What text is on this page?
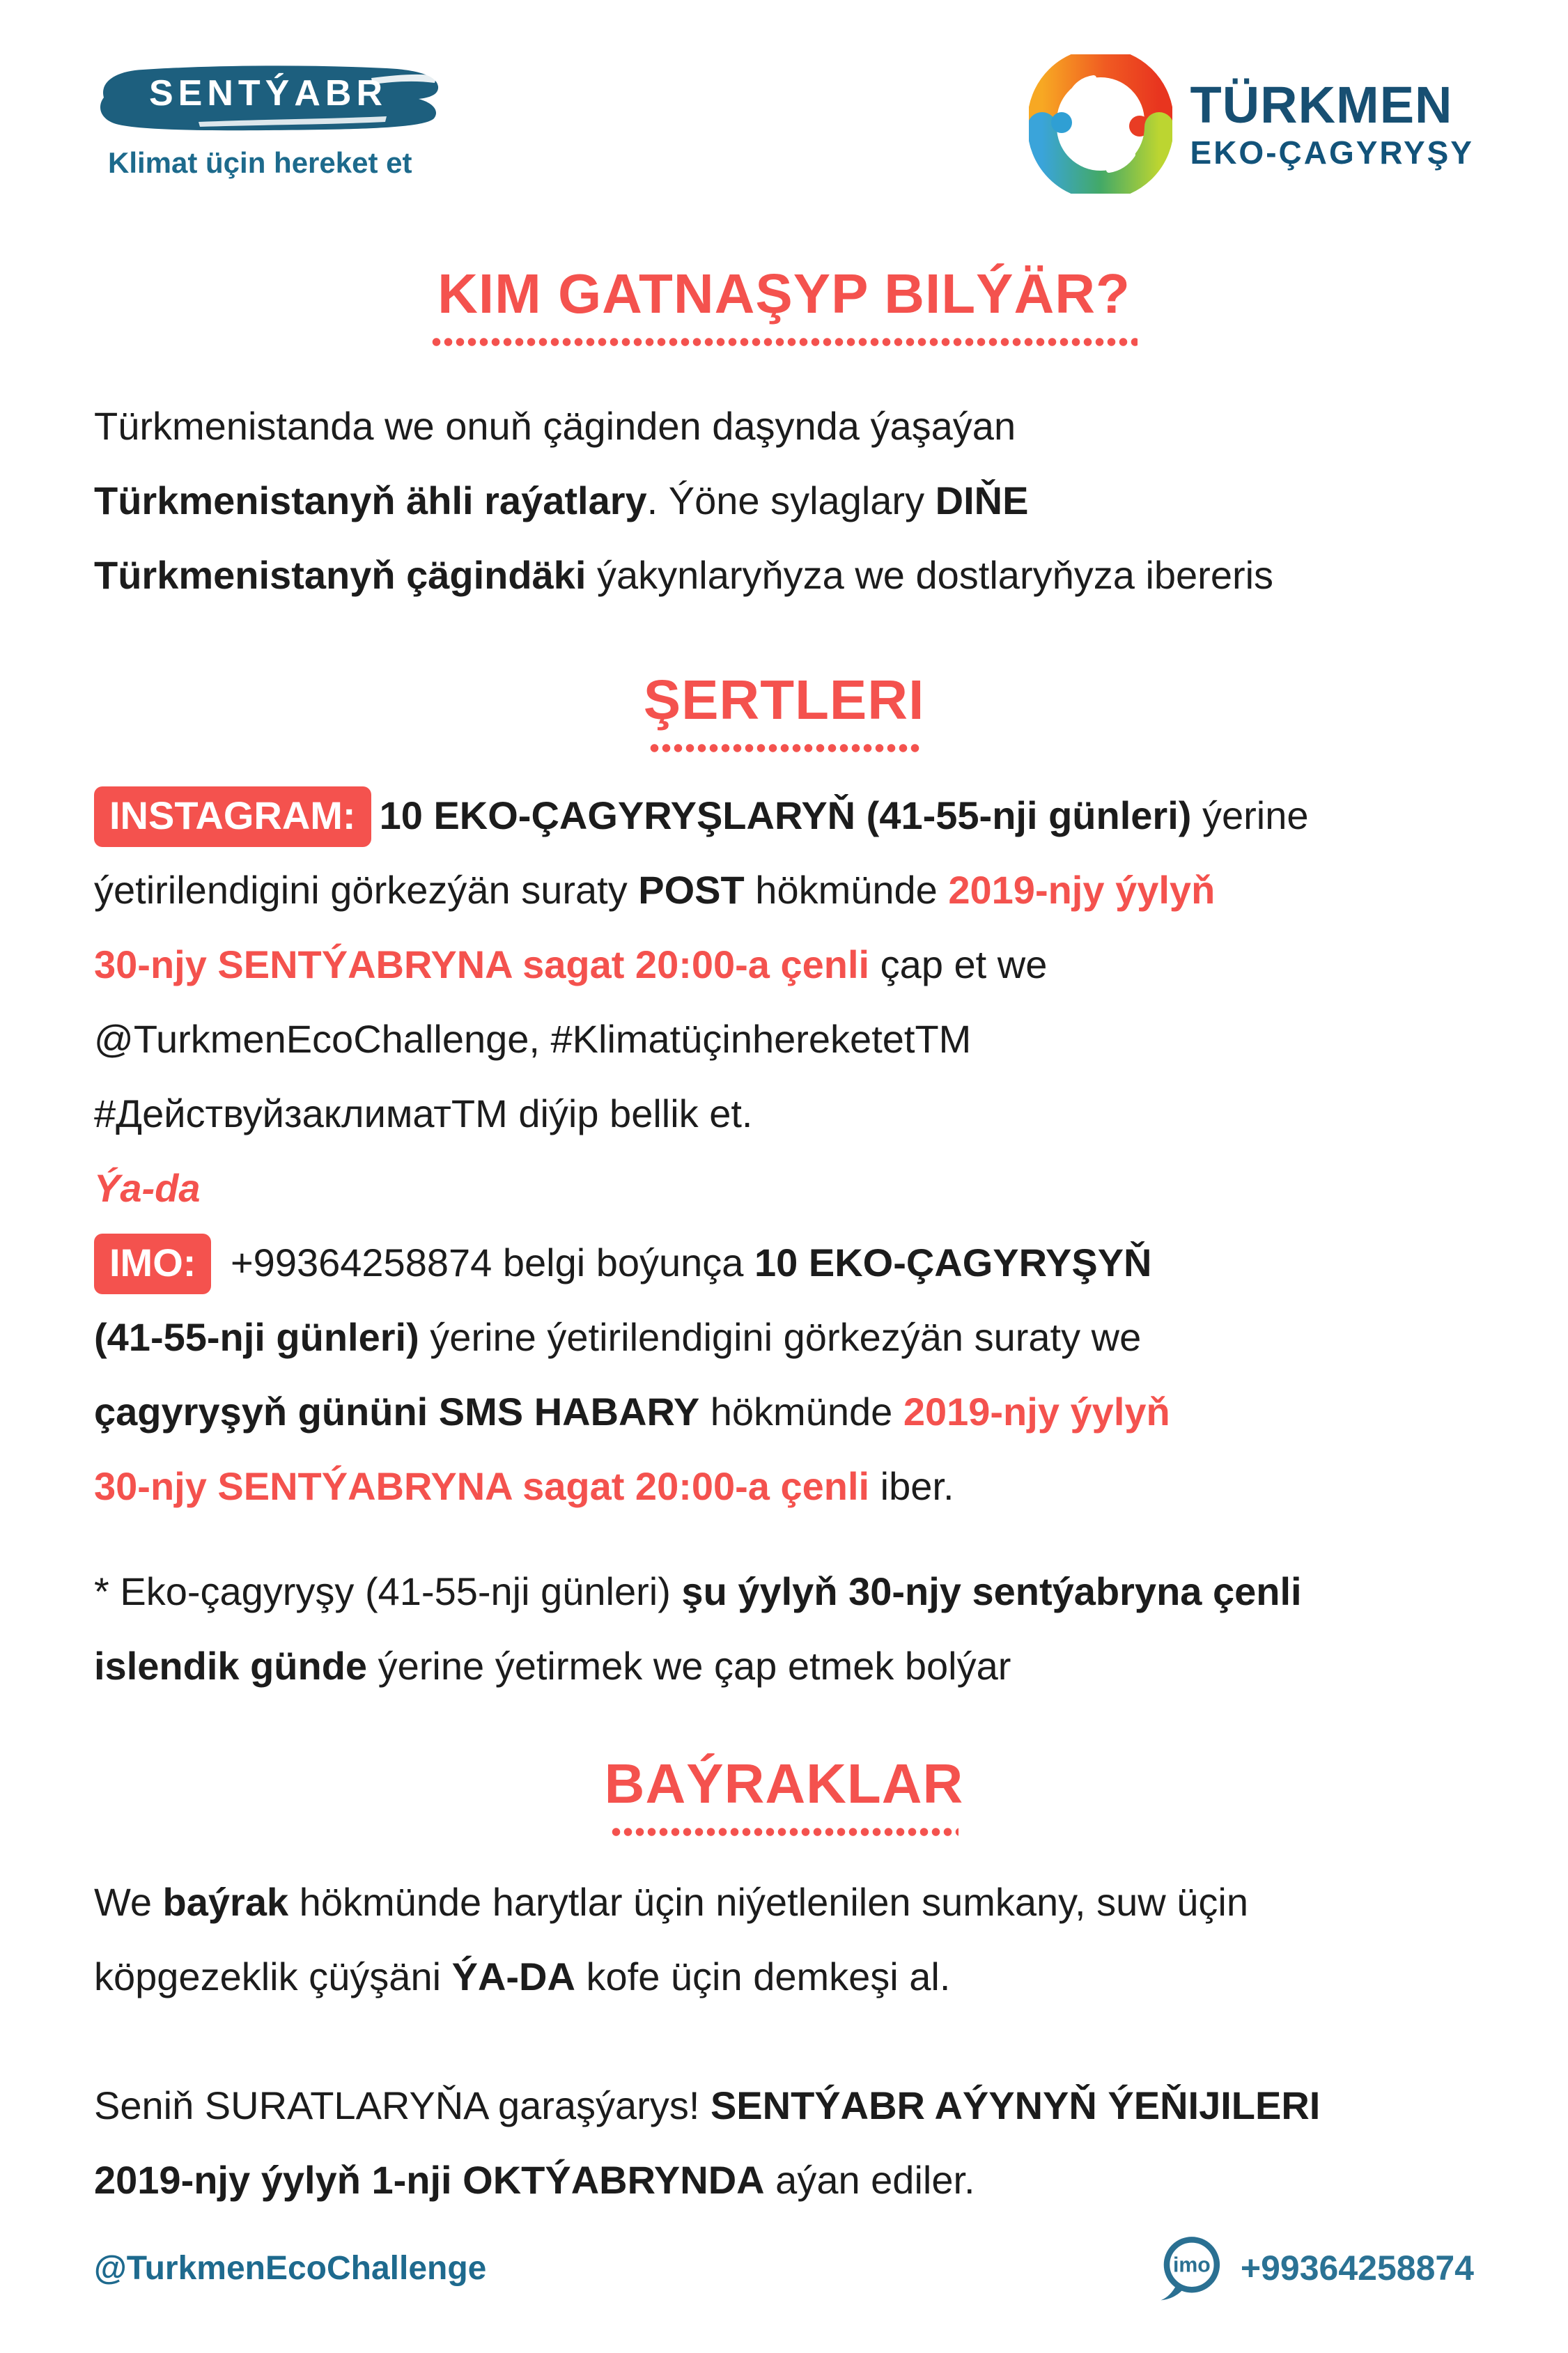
SENTÝABR
Klimat üçin hereket et
TÜRKMEN
EKO-ÇAGYRYŞY
KIM GATNAŞYP BILÝÄR?

Türkmenistanda we onuň çäginden daşynda ýaşaýan
Türkmenistanyň ähli raýatlary. Ýöne sylaglary DIŇE
Türkmenistanyň çägindäki ýakynlaryňyza we dostlaryňyza ibereris

ŞERTLERI

INSTAGRAM: 10 EKO-ÇAGYRYŞLARYŇ (41-55-nji günleri) ýerine
ýetirilendigini görkezýän suraty POST hökmünde 2019-njy ýylyň
30-njy SENTÝABRYNA sagat 20:00-a çenli çap et we
@TurkmenEcoChallenge, #KlimatüçinhereketetTM
#ДействуйзаклиматTM diýip bellik et.

Ýa-da

IMO: +99364258874 belgi boýunça 10 EKO-ÇAGYRYŞYŇ
(41-55-nji günleri) ýerine ýetirilendigini görkezýän suraty we
çagyryşyň gününi SMS HABARY hökmünde 2019-njy ýylyň
30-njy SENTÝABRYNA sagat 20:00-a çenli iber.

* Eko-çagyryşy (41-55-nji günleri) şu ýylyň 30-njy sentýabryna çenli
islendik günde ýerine ýetirmek we çap etmek bolýar

BAÝRAKLAR

We baýrak hökmünde harytlar üçin niýetlenilen sumkany, suw üçin
köpgezeklik çüýşäni ÝA-DA kofe üçin demkeşi al.

Seniň SURATLARYŇA garaşýarys! SENTÝABR AÝYNYŇ ÝEŇIJILERI
2019-njy ýylyň 1-nji OKTÝABRYNDA aýan ediler.

@TurkmenEcoChallenge	imo +99364258874
